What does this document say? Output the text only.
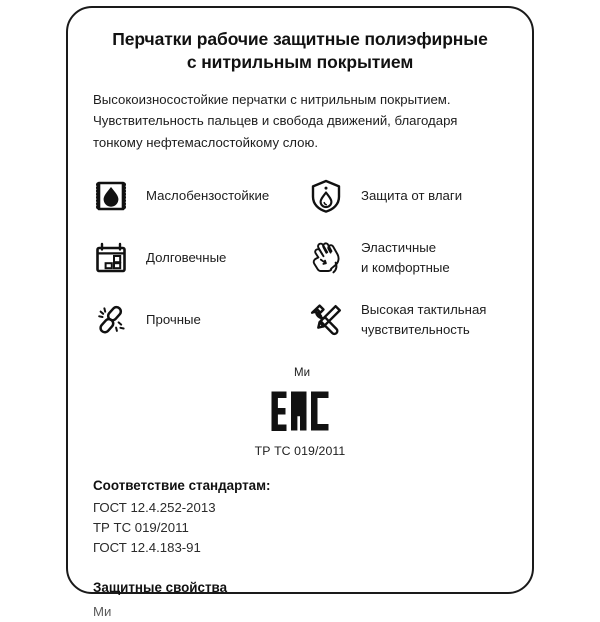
Перчатки рабочие защитные полиэфирные
с нитрильным покрытием
Высокоизносостойкие перчатки с нитрильным покрытием.
Чувствительность пальцев и свобода движений, благодаря
тонкому нефтемаслостойкому слою.
Маслобензостойкие	Защита от влаги
Долговечные
Эластичные
и комфортные
Прочные
Высокая тактильная
чувствительность
Ми
ТР ТС 019/2011
Соответствие стандартам:
ГОСТ 12.4.252-2013
ТР ТС 019/2011
ГОСТ 12.4.183-91
Защитные свойства
Ми
